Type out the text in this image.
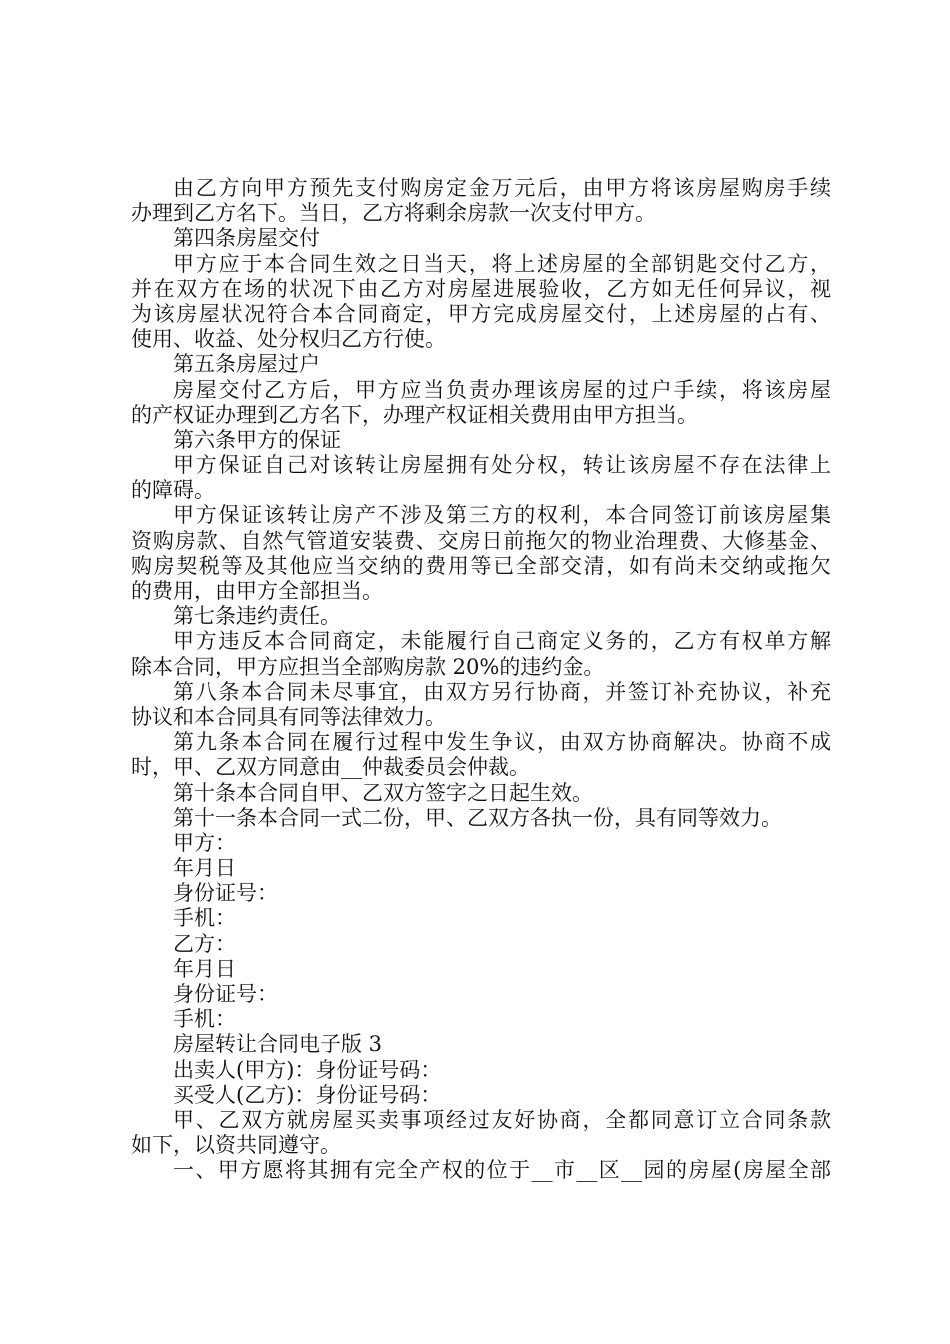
由乙方向甲方预先支付购房定金万元后，由甲方将该房屋购房手续
办理到乙方名下。当日，乙方将剩余房款一次支付甲方。
第四条房屋交付
甲方应于本合同生效之日当天，将上述房屋的全部钥匙交付乙方，
并在双方在场的状况下由乙方对房屋进展验收，乙方如无任何异议，视
为该房屋状况符合本合同商定，甲方完成房屋交付，上述房屋的占有、
使用、收益、处分权归乙方行使。
第五条房屋过户
房屋交付乙方后，甲方应当负责办理该房屋的过户手续，将该房屋
的产权证办理到乙方名下，办理产权证相关费用由甲方担当。
第六条甲方的保证
甲方保证自己对该转让房屋拥有处分权，转让该房屋不存在法律上
的障碍。
甲方保证该转让房产不涉及第三方的权利，本合同签订前该房屋集
资购房款、自然气管道安装费、交房日前拖欠的物业治理费、大修基金、
购房契税等及其他应当交纳的费用等已全部交清，如有尚未交纳或拖欠
的费用，由甲方全部担当。
第七条违约责任。
甲方违反本合同商定，未能履行自己商定义务的，乙方有权单方解
除本合同，甲方应担当全部购房款 20%的违约金。
第八条本合同未尽事宜，由双方另行协商，并签订补充协议，补充
协议和本合同具有同等法律效力。
第九条本合同在履行过程中发生争议，由双方协商解决。协商不成
时，甲、乙双方同意由__仲裁委员会仲裁。
第十条本合同自甲、乙双方签字之日起生效。
第十一条本合同一式二份，甲、乙双方各执一份，具有同等效力。
甲方：
年月日
身份证号：
手机：
乙方：
年月日
身份证号：
手机：
房屋转让合同电子版 3
出卖人(甲方)：身份证号码：
买受人(乙方)：身份证号码：
甲、乙双方就房屋买卖事项经过友好协商，全都同意订立合同条款
如下，以资共同遵守。
一、甲方愿将其拥有完全产权的位于__市__区__园的房屋(房屋全部
